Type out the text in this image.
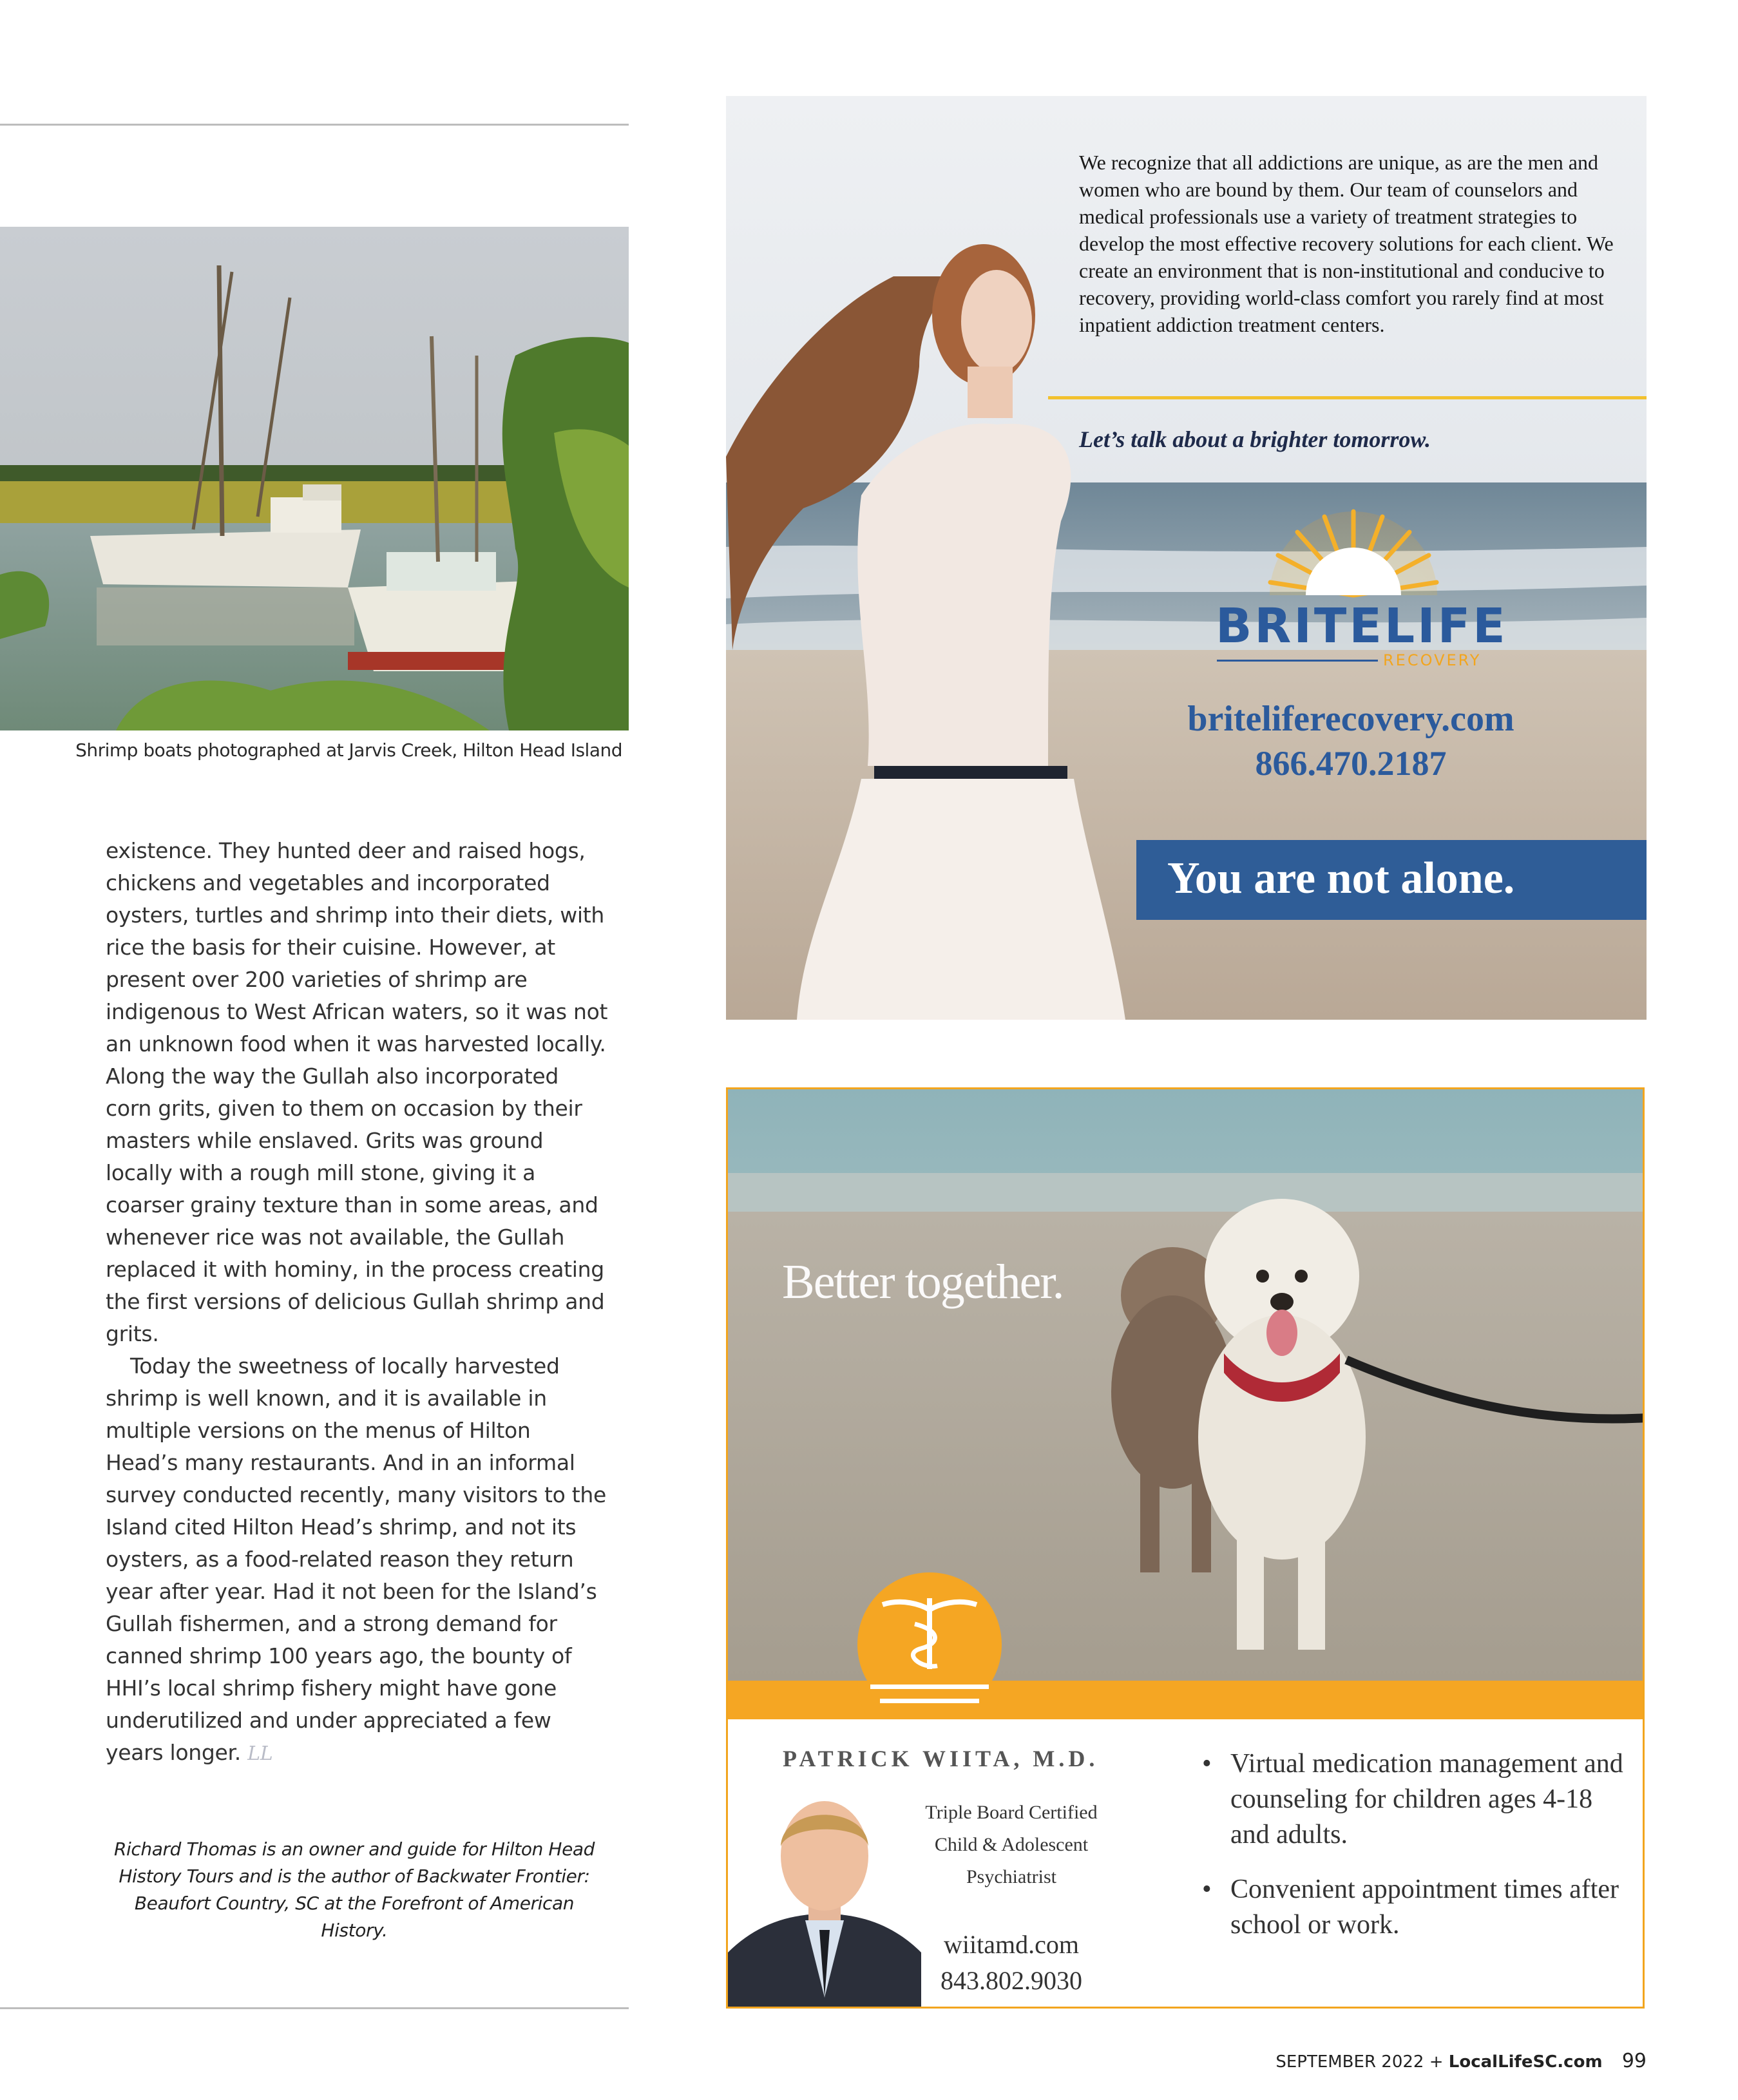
Shrimp boats photographed at Jarvis Creek, Hilton Head Island

existence. They hunted deer and raised hogs, chickens and vegetables and incorporated oysters, turtles and shrimp into their diets, with rice the basis for their cuisine. However, at present over 200 varieties of shrimp are indigenous to West African waters, so it was not an unknown food when it was harvested locally. Along the way the Gullah also incorporated corn grits, given to them on occasion by their masters while enslaved. Grits was ground locally with a rough mill stone, giving it a coarser grainy texture than in some areas, and whenever rice was not available, the Gullah replaced it with hominy, in the process creating the first versions of delicious Gullah shrimp and grits.

Today the sweetness of locally harvested shrimp is well known, and it is available in multiple versions on the menus of Hilton Head’s many restaurants. And in an informal survey conducted recently, many visitors to the Island cited Hilton Head’s shrimp, and not its oysters, as a food-related reason they return year after year. Had it not been for the Island’s Gullah fishermen, and a strong demand for canned shrimp 100 years ago, the bounty of HHI’s local shrimp fishery might have gone underutilized and under appreciated a few years longer. LL

Richard Thomas is an owner and guide for Hilton Head History Tours and is the author of Backwater Frontier: Beaufort Country, SC at the Forefront of American History.
We recognize that all addictions are unique, as are the men and women who are bound by them. Our team of counselors and medical professionals use a variety of treatment strategies to develop the most effective recovery solutions for each client. We create an environment that is non-institutional and conducive to recovery, providing world-class comfort you rarely find at most inpatient addiction treatment centers.
Let’s talk about a brighter tomorrow.
BRITELIFE
RECOVERY
briteliferecovery.com
866.470.2187
You are not alone.
Better together.
PATRICK WIITA, M.D.
Triple Board Certified
Child & Adolescent
Psychiatrist
wiitamd.com
843.802.9030
• Virtual medication management and counseling for children ages 4-18 and adults.
• Convenient appointment times after school or work.
SEPTEMBER 2022 + LocalLifeSC.com 99
